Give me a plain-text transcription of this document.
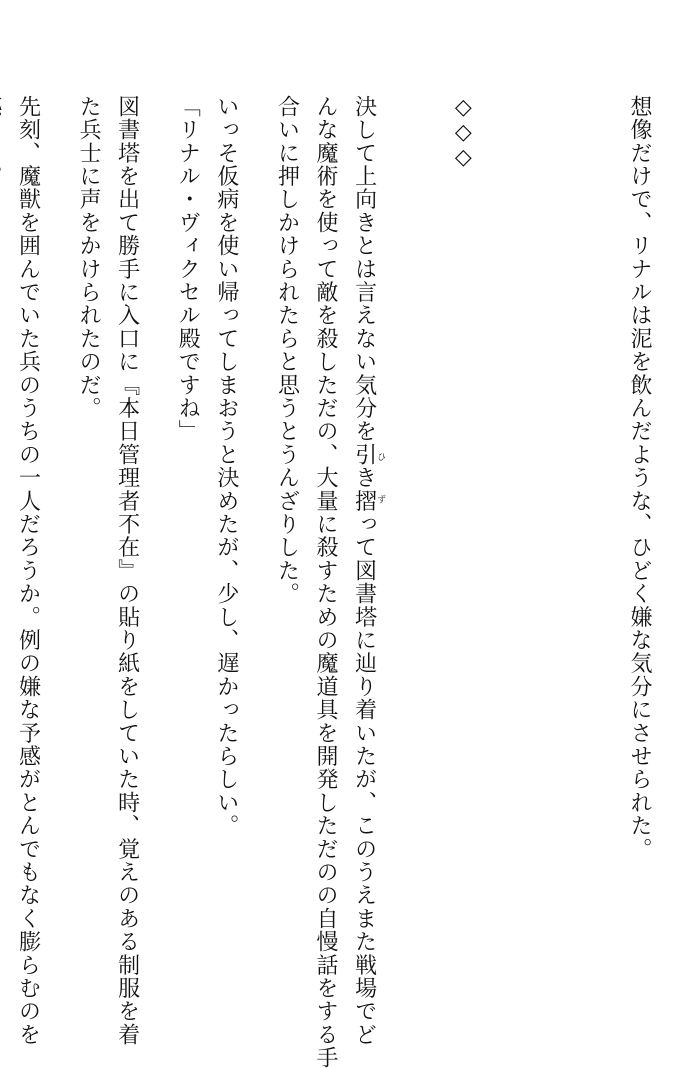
想像だけで、リナルは泥を飲んだような、ひどく嫌な気分にさせられた。

◇◇◇

決して上向きとは言えない気分を引き摺ひずって図書塔に辿り着いたが、このうえまた戦場でど
んな魔術を使って敵を殺しただの、大量に殺すための魔道具を開発しただのの自慢話をする手
合いに押しかけられたらと思うとうんざりした。
いっそ仮病を使い帰ってしまおうと決めたが、少し、遅かったらしい。
「リナル・ヴィクセル殿ですね」
図書塔を出て勝手に入口に『本日管理者不在』の貼り紙をしていた時、覚えのある制服を着
た兵士に声をかけられたのだ。
先刻、魔獣を囲んでいた兵のうちの一人だろうか。例の嫌な予感がとんでもなく膨らむのを
